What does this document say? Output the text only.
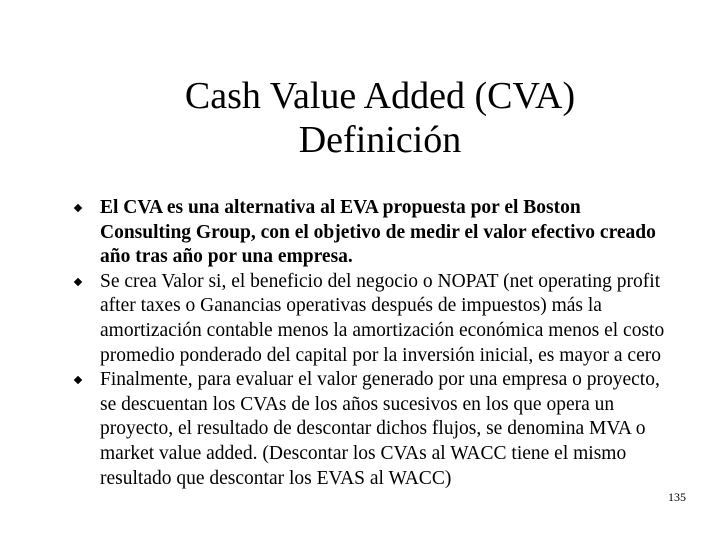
Cash Value Added (CVA)
Definición
El CVA es una alternativa al EVA propuesta por el Boston Consulting Group, con el objetivo de medir el valor efectivo creado año tras año por una empresa.
Se crea Valor si, el beneficio del negocio o NOPAT (net operating profit after taxes o Ganancias operativas después de impuestos) más la amortización contable menos la amortización económica menos el costo promedio ponderado del capital por la inversión inicial, es mayor a cero
Finalmente, para evaluar el valor generado por una empresa o proyecto, se descuentan los CVAs de los años sucesivos en los que opera un proyecto, el resultado de descontar dichos flujos, se denomina MVA o market value added. (Descontar los CVAs al WACC tiene el mismo resultado que descontar los EVAS al WACC)
135
